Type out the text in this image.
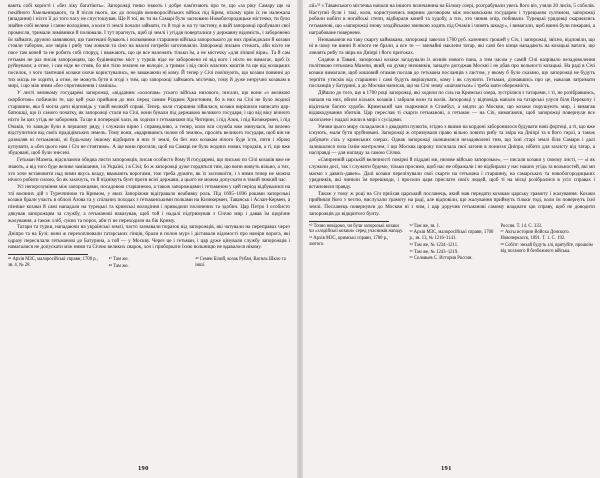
вають собі користі і «без ліку багатіють». Запорожці тонко знають і добре пам'ятають про те, що «за ріку Самару ще за покійного Хмельницького, та й після нього, аж до походів великоросійських військ під Крим, ніхому крім їх не належала (впадання) і ніхто її до того часу не спустошував. Ще й тої, як ти на Самарі було засновано Новобогородицьке містечко, ти було знайне собі велике і ганне володіння, а коли ті землі почали займати, то й тоді ж на ту частину, в якій запорожці пробували свої промисли, тримали зимівники й полювали. І тут прагнуть, щоб ці землі і угіддя поверталися у державну відомість, і заборонено їм займати, дружно заявляючи, що тамтешні бувають і полковники старшини війська запорозького до них приїжджали й козаки стояли табором, але звірів і рибу там ловили та сіно на власні потреби заготовляли. Запорожці пильно стежать, аби ніхто не пасе там коней та не робить собі споруд, і вважають, що це все належить тільки їм, а не містечку «для ліпшої віри». Та й сам гетьман не раз писав запорожцям, що будівництво міст у турків ніде не заборонено ні від кого і ніхто не вимагає, щоб їх руйнували; а отже, і сам ніде не стояв, бо він тією землею не володіє, а тримає і від своїх власних коштів та ще від козацьких посилок, з чого тамтешні козаки охоче користувались, не заважаючи ні кому. Й тепер у Січі пов'язують, що козаки повинні до тих місць не ходити, а отже, не можуть бути в згоді з тим, що запорожці займають містечко, тому й дуже незручно козакам в мирі, і що між ними «без спротивлення і заміша».

У листі великому государеві запорожці, «відданим «холопам» усього війська низового, писали, що вони «з великою скорботою» побачили те, що цей указ прийшов до них перед самим Різдвом Христовим, бо в них на Січі не було жодної старшини, яка б могла дати відповідь у такій великій справі. Тепер, коли старшина зійшлася, козаки вирішили написати цар-батюшці, що із самого початку, як запорожці стали на Січі, вони бували під державою великого государя, і що від віку вічного ніхто їм цих угідь не забороняв. Та ще в попередні часи, як ходили з гетьманами під Чигирин, і під Азов, і під Кизикермен, і під Очаків, то завжди були в першому ряду, і служили вірно і справедливо, а тепер, коли вся служба вже минулася, їм велено відступитися від своїх прадідівських земель. Тому вони, «вдарившись чолом об землю», просять великого государя, щоб він не дозволяв ні гетьманові, ні будь-кому іншому відбирати в них ті землі, бо без них козакам нічого буде їсти, пити і зброю купувати, а «без цього нам і Січ не стоятиме». А ще вони просили, щоб на Самарі не було жодних нових городків, а ті, що вже збудовані, щоб були знесені.

Гетьман Мазепа, відсилаючи обидва листи запорожців, писав особисто йому й государеві, що письмо по Січі козаків вже не знають, а від того буде велике замішання, і в Україні, і в Січі; бо ж запорожці дуже гордяться тим, що вони живуть вільно, а тих, хто хоче встановити над ними якусь владу, вважають ворогами, тож треба думати, як їх заспокоїти, і з ними тепер не можна нічого робити силою, бо як захочуть, то й піднімуть бунт проти всієї держави, а цього не можна допускати в такий тяжкий час.

Усі непорозуміння між запорожцями, посадовою старшиною, а також запорожцями і гетьманом у цей період відбувалися на тлі воєнних дій з Туреччиною та Кримом, у яких Запоріжжя відігравало неабияку роль. Під 1695–1696 роками запорозькі козаки брали участь в облозі Азова та у спільних походах з гетьманськими полками на Кизикермен, Таванськ і Аслан-Кермен, а пізніше козаки й самі нападали на турецькі та кримські володіння і приводили полонених та здобич. Цар Петро І особисто дякував запорожцям за службу, а гетьманові наказував, щоб той і надалі підтримував з Січчю мир і давав їм щорічне жалування, а також хліб, сукно та порох, аби ті не переходили на бік Криму.

Татари та турки, нападаючи на українські землі, часто зазнавали поразок від запорожців, які чатували на переправах через Дніпро та на Бузі; вони ж перехоплювали татарських гінців, брали в полон мурз і діставали відомості про наміри ворога, які одразу пересилали гетьманові до Батурина, а той — у Москву. Через це і гетьман, і цар дуже цінували службу запорожців і намагалися не допускати між ними та Січчю великих сварок, хоч і приборкати їхню вольницю не вдавалося нікому.

⁴⁶ Архів МЗС, малоросійські справи, 1700 р., зв. 4, № 28.
⁴⁷ Там же.
⁴⁸ Там же.
⁴⁹ Семен Білий, козак Рубан, Василь Шкло та інші.
190

лії»⁵² з Таванського містечка напали на іншого ясинчанина на Білому озері, розграбували увесь його віз, узяли 20 лисів, 5 соболів. Наступні були і такі, коли, користуючись мирним договором між московським государем і турецьким султаном, запорожці робили набіги в ногайські степи, відбирали коней та худобу, а тих, хто чинив опір, побивали. Турецькі урядовці скаржились гетьманові, що «запорожці знову злодійською звичкою ходять під Очаків і чинять шкоду», і вимагали, щоб винні були покарані, а награбоване повернене.

Незважаючи на таку скаргу каймакана, запорожці завезли 1700 руб. казенних грошей у Січ, і запорожці, звісно, відповіли, що ні в чому не винні й нічого не брали, а все те — звичайні наклепи татар, які самі без кінця нападають на козацькі ватаги, що ловлять рибу та звіра на Дніпрі і його притоках.

Сидячи в Тавані, запорозькі козаки загадували із ясинів нового пана, а тим часом у самій Січі назрівало незадоволення політикою гетьмана Мазепи, який, на думку низовиків, занадто догоджав Москві і не дбав про вольності козацькі. На раді в Січі козаки вимагали, щоб кошовий отаман послав до гетьмана посланців з листом, у якому б було сказано, що запорожці не будуть терпіти утисків від старшини і самі будуть вирішувати, кому і як служити. Гетьман, дізнавшись про це, наказав затримати посланців у Батурині, а до Москви написав, що на Січі знову «шатаються» і треба мати обережність.

Дійшло до того, що в 1700 році запорожці, які ходили по сіль на Кримські озера, зустрілися з татарами, і ті, не розібравшись, напали на них, вбили кількох козаків і забрали вози та волів. Запорожці у відповідь напали на татарські улуси біля Перекопу і відігнали багато худоби. Кримський хан скаржився в Стамбул, а звідти до Москви, що козаки порушують мир, і вимагав відшкодування збитків. Цар переслав ті скарги гетьманові, а гетьман — на Січ, вимагаючи, щоб запорожці повернули все захоплене і надалі жили в мирі з сусідами.

Умови цього миру складалися з двадцяти пунктів, згідно з якими на кордоні заборонялося будувати нові фортеці, а ті, що вже існують, мали бути зруйновані. Запорожці ж отримували право вільно ловити рибу та звіра на Дніпрі та в його гирлі, а також добувати сіль у кримських озерах. Однак запорожці залишилися незадоволені тим, що їхні старі землі біля Самари і далі залишалися поза їхнім контролем, і що Москва щороку посилала свої загони в пониззя Дніпра, нібито для захисту від татар, а насправді — для нагляду за самою Січчю.

«Смиренній царській величності покірні й піддані ми, низове військо запорозьке», — писали козаки у своєму листі, — «і як служили досі, так і служити будемо, тільки просимо, щоб нас не ображали і не відбирали у нас наших угідь та вольностей, які ми маємо з давніх-давен». Далі козаки перелічували свої скарги на гетьмана і старшину, на самарських та новобогородицьких урядників, які чинили їм перешкоди, і просили царя прислати своїх людей, щоб ті на місці розібралися в усіх справах і встановили правду.

Також у тому ж році на Січ приїхав царський посланець, який мав передати козакам царську грамоту і жалування. Козаки прийняли його з честю, вислухали грамоту на раді, але відповіли, що жалування приймуть тільки тоді, коли їм повернуть їхні землі. Посланець повернувся до Москви ні з чим, і цар доручив гетьманові самому владнати цю справу, щоб не доводити запорожців до відкритого бунту.

⁵⁰ Точно невідомо, чи були запорозькі козаки чи «злодійські козаки» серед учасників нападу.
⁵¹ Архів МЗС, кримські справи, 1700 р., лютого.
⁵² Там же, зв. 1.
⁵³ Архів МЗС, малоросійські справи, 1700 р., зв. 13, № 1216–1141.
⁵⁴ Там же, № 1234–1211.
⁵⁵ Там же, № 1243–1219.
⁵⁶ Соловьев С. История России.
Россия. Т. 14. С. 333.
⁵⁷ Акты истории Войска Донского. Новочеркасск, 1891. Т. 1. С. 192.
⁵⁸ Собітг: нехай будуть злі, врятуйте, прошоїм від поганого й безбожного війська.
191
